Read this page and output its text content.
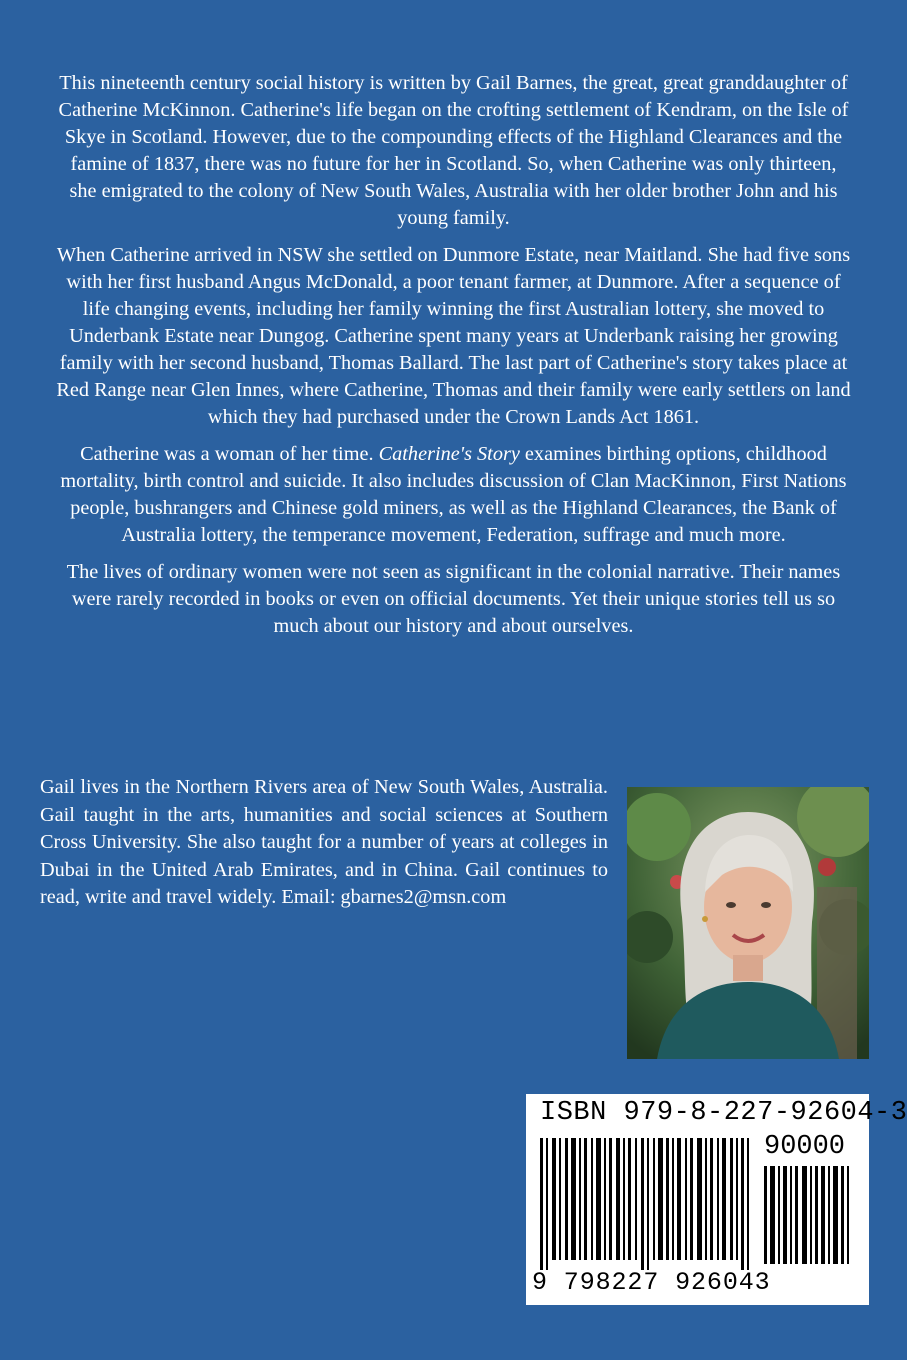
This nineteenth century social history is written by Gail Barnes, the great, great granddaughter of Catherine McKinnon. Catherine's life began on the crofting settlement of Kendram, on the Isle of Skye in Scotland. However, due to the compounding effects of the Highland Clearances and the famine of 1837, there was no future for her in Scotland. So, when Catherine was only thirteen, she emigrated to the colony of New South Wales, Australia with her older brother John and his young family.

When Catherine arrived in NSW she settled on Dunmore Estate, near Maitland. She had five sons with her first husband Angus McDonald, a poor tenant farmer, at Dunmore. After a sequence of life changing events, including her family winning the first Australian lottery, she moved to Underbank Estate near Dungog. Catherine spent many years at Underbank raising her growing family with her second husband, Thomas Ballard. The last part of Catherine's story takes place at Red Range near Glen Innes, where Catherine, Thomas and their family were early settlers on land which they had purchased under the Crown Lands Act 1861.

Catherine was a woman of her time. Catherine's Story examines birthing options, childhood mortality, birth control and suicide. It also includes discussion of Clan MacKinnon, First Nations people, bushrangers and Chinese gold miners, as well as the Highland Clearances, the Bank of Australia lottery, the temperance movement, Federation, suffrage and much more.

The lives of ordinary women were not seen as significant in the colonial narrative. Their names were rarely recorded in books or even on official documents. Yet their unique stories tell us so much about our history and about ourselves.

Gail lives in the Northern Rivers area of New South Wales, Australia. Gail taught in the arts, humanities and social sciences at Southern Cross University. She also taught for a number of years at colleges in Dubai in the United Arab Emirates, and in China. Gail continues to read, write and travel widely. Email: gbarnes2@msn.com

ISBN 979-8-227-92604-3
90000
9 798227 926043
